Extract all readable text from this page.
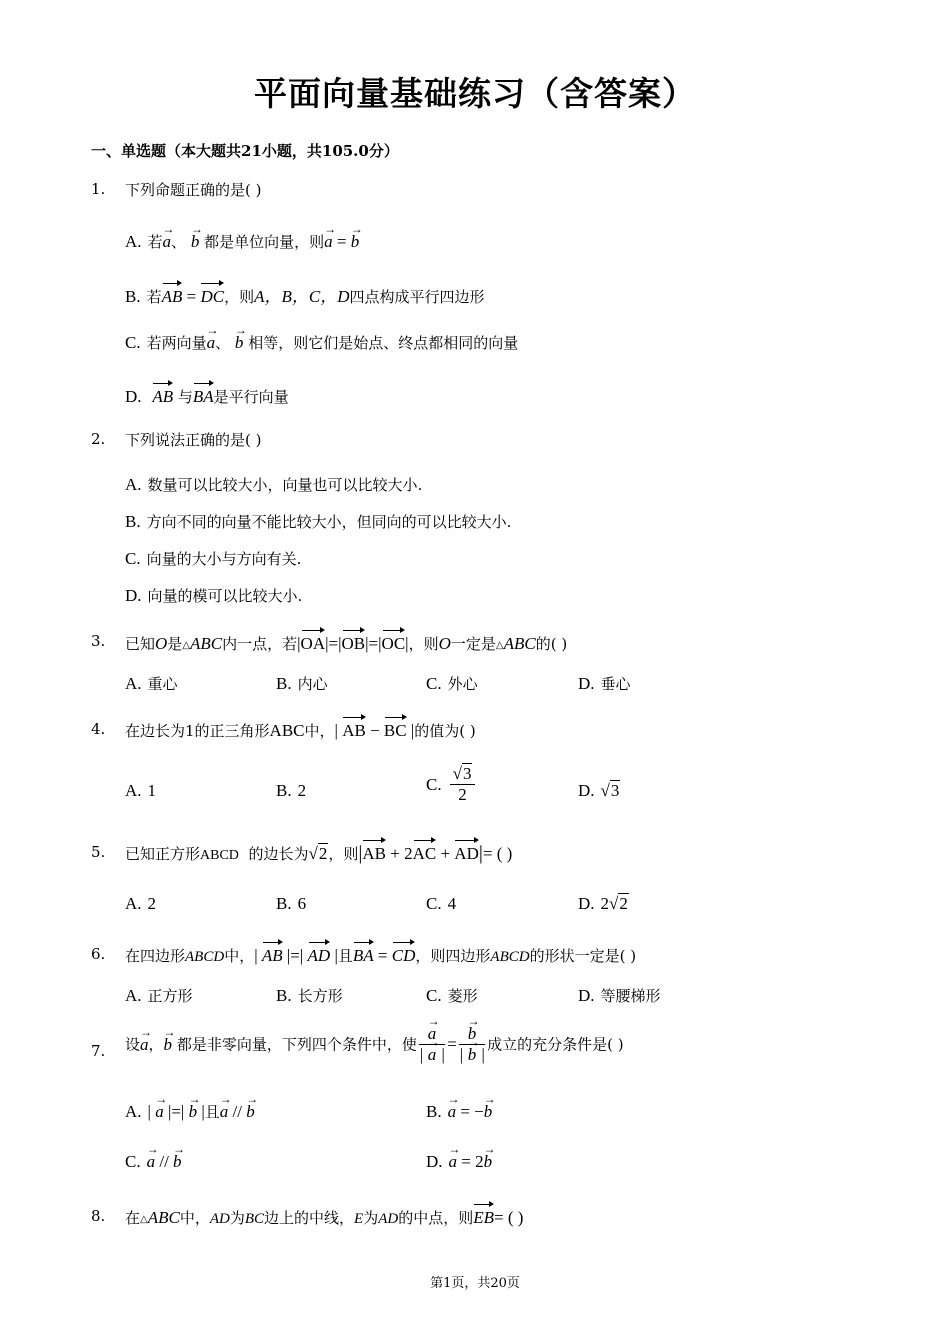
平面向量基础练习（含答案）
一、单选题（本大题共21小题，共105.0分）
1. 下列命题正确的是( )
A. 若a →、 b → 都是单位向量，则a → = b →
B. 若AB = DC，则A，B，C，D四点构成平行四边形
C. 若两向量a →、 b → 相等，则它们是始点、终点都相同的向量
D. AB 与BA是平行向量
2. 下列说法正确的是( )
A. 数量可以比较大小，向量也可以比较大小.
B. 方向不同的向量不能比较大小，但同向的可以比较大小.
C. 向量的大小与方向有关.
D. 向量的模可以比较大小.
3. 已知O是△ABC内一点，若|OA|=|OB|=|OC|，则O一定是△ABC的( )
A. 重心	B. 内心	C. 外心	D. 垂心
4. 在边长为1的正三角形ABC中，| AB − BC |的值为( )
A. 1	B. 2	C. $\frac{√3}{2}$	D. √3
5. 已知正方形ABCD 的边长为√2，则|AB + 2AC + AD|= ( )
A. 2	B. 6	C. 4	D. 2√2
6. 在四边形ABCD中，| AB |=| AD |且BA = CD，则四边形ABCD的形状一定是( )
A. 正方形	B. 长方形	C. 菱形	D. 等腰梯形
7. 设a →，b → 都是非零向量，下列四个条件中，使 $\frac{a \to}{| a \to |} = \frac{b \to}{| b \to |}$ 成立的充分条件是( )
A. | a → |=| b → |且a → // b →	B. a → = −b →
C. a → // b →	D. a → = 2b →
8. 在△ABC中，AD为BC边上的中线，E为AD的中点，则EB= ( )
第1页，共20页
